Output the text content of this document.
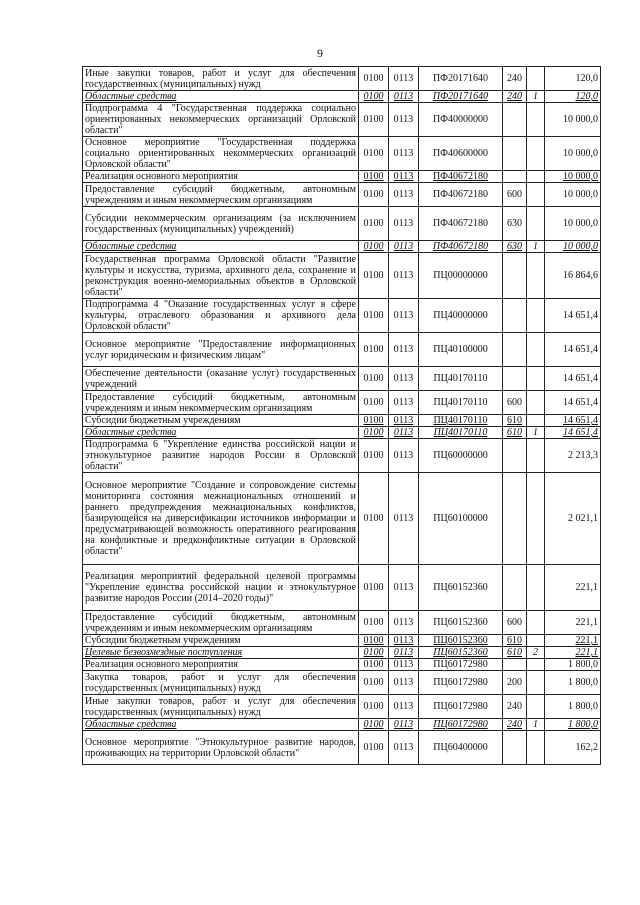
9
Иные закупки товаров, работ и услуг для обеспечения государственных (муниципальных) нужд	0100	0113	ПФ20171640	240		120,0
Областные средства	0100	0113	ПФ20171640	240	1	120,0
Подпрограмма 4 "Государственная поддержка социально ориентированных некоммерческих организаций Орловской области"	0100	0113	ПФ40000000			10 000,0
Основное мероприятие "Государственная поддержка социально ориентированных некоммерческих организаций Орловской области"	0100	0113	ПФ40600000			10 000,0
Реализация основного мероприятия	0100	0113	ПФ40672180			10 000,0
Предоставление субсидий бюджетным, автономным учреждениям и иным некоммерческим организациям	0100	0113	ПФ40672180	600		10 000,0
Субсидии некоммерческим организациям (за исключением государственных (муниципальных) учреждений)	0100	0113	ПФ40672180	630		10 000,0
Областные средства	0100	0113	ПФ40672180	630	1	10 000,0
Государственная программа Орловской области "Развитие культуры и искусства, туризма, архивного дела, сохранение и реконструкция военно-мемориальных объектов в Орловской области"	0100	0113	ПЦ00000000			16 864,6
Подпрограмма 4 "Оказание государственных услуг в сфере культуры, отраслевого образования и архивного дела Орловской области"	0100	0113	ПЦ40000000			14 651,4
Основное мероприятие "Предоставление информационных услуг юридическим и физическим лицам"	0100	0113	ПЦ40100000			14 651,4
Обеспечение деятельности (оказание услуг) государственных учреждений	0100	0113	ПЦ40170110			14 651,4
Предоставление субсидий бюджетным, автономным учреждениям и иным некоммерческим организациям	0100	0113	ПЦ40170110	600		14 651,4
Субсидии бюджетным учреждениям	0100	0113	ПЦ40170110	610		14 651,4
Областные средства	0100	0113	ПЦ40170110	610	1	14 651,4
Подпрограмма 6 "Укрепление единства российской нации и этнокультурное развитие народов России в Орловской области"	0100	0113	ПЦ60000000			2 213,3
Основное мероприятие "Создание и сопровождение системы мониторинга состояния межнациональных отношений и раннего предупреждения межнациональных конфликтов, базирующейся на диверсификации источников информации и предусматривающей возможность оперативного реагирования на конфликтные и предконфликтные ситуации в Орловской области"	0100	0113	ПЦ60100000			2 021,1
Реализация мероприятий федеральной целевой программы "Укрепление единства российской нации и этнокультурное развитие народов России (2014–2020 годы)"	0100	0113	ПЦ60152360			221,1
Предоставление субсидий бюджетным, автономным учреждениям и иным некоммерческим организациям	0100	0113	ПЦ60152360	600		221,1
Субсидии бюджетным учреждениям	0100	0113	ПЦ60152360	610		221,1
Целевые безвозмездные поступления	0100	0113	ПЦ60152360	610	2	221,1
Реализация основного мероприятия	0100	0113	ПЦ60172980			1 800,0
Закупка товаров, работ и услуг для обеспечения государственных (муниципальных) нужд	0100	0113	ПЦ60172980	200		1 800,0
Иные закупки товаров, работ и услуг для обеспечения государственных (муниципальных) нужд	0100	0113	ПЦ60172980	240		1 800,0
Областные средства	0100	0113	ПЦ60172980	240	1	1 800,0
Основное мероприятие "Этнокультурное развитие народов, проживающих на территории Орловской области"	0100	0113	ПЦ60400000			162,2
